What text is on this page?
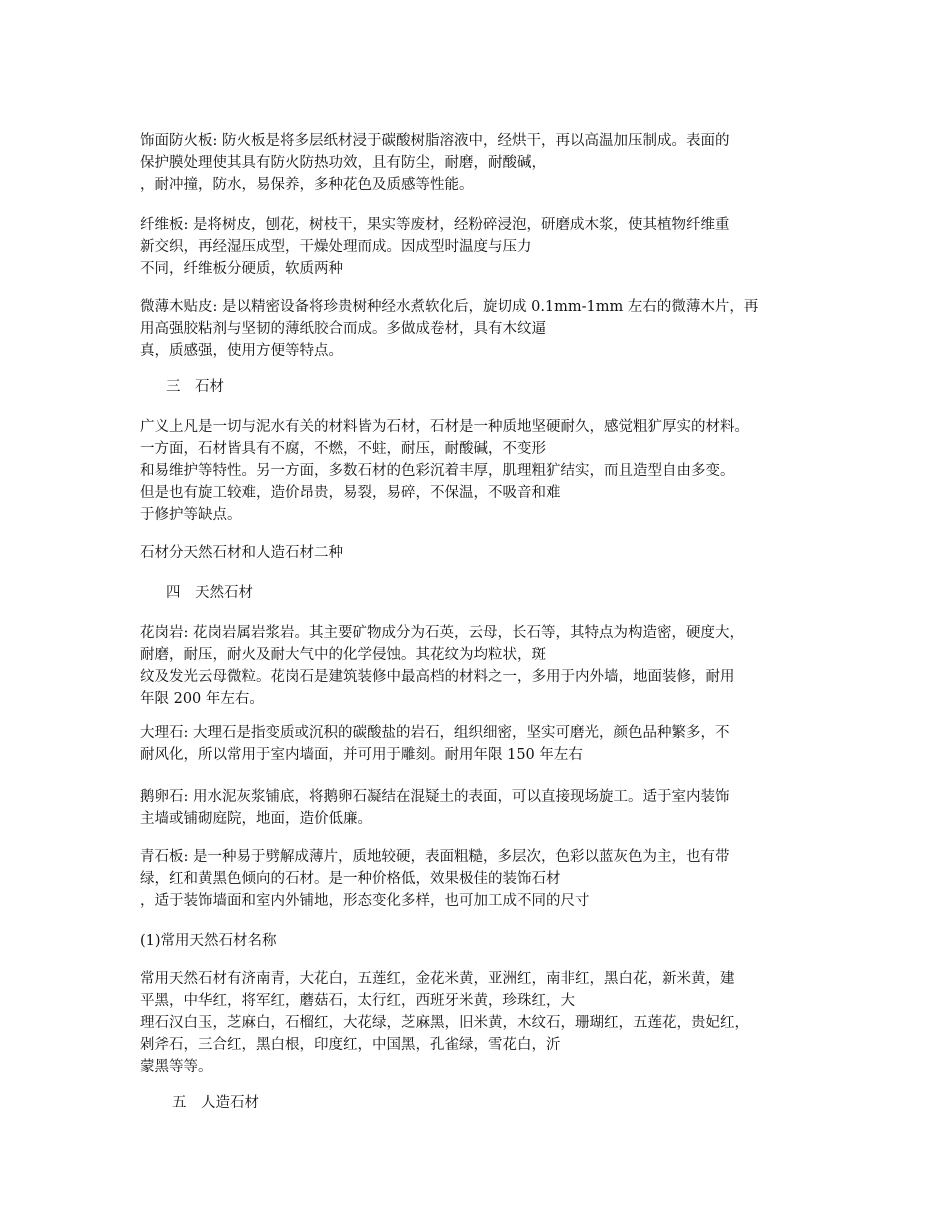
饰面防火板: 防火板是将多层纸材浸于碳酸树脂溶液中，经烘干，再以高温加压制成。表面的
保护膜处理使其具有防火防热功效，且有防尘，耐磨，耐酸碱，
，耐冲撞，防水，易保养，多种花色及质感等性能。
纤维板: 是将树皮，刨花，树枝干，果实等废材，经粉碎浸泡，研磨成木浆，使其植物纤维重
新交织，再经湿压成型，干燥处理而成。因成型时温度与压力
不同，纤维板分硬质，软质两种
微薄木贴皮: 是以精密设备将珍贵树种经水煮软化后，旋切成 0.1mm-1mm 左右的微薄木片，再
用高强胶粘剂与坚韧的薄纸胶合而成。多做成卷材，具有木纹逼
真，质感强，使用方便等特点。
三　石材
广义上凡是一切与泥水有关的材料皆为石材，石材是一种质地坚硬耐久，感觉粗犷厚实的材料。
一方面，石材皆具有不腐，不燃，不蛀，耐压，耐酸碱，不变形
和易维护等特性。另一方面，多数石材的色彩沉着丰厚，肌理粗犷结实，而且造型自由多变。
但是也有旋工较难，造价昂贵，易裂，易碎，不保温，不吸音和难
于修护等缺点。
石材分天然石材和人造石材二种
四　天然石材
花岗岩: 花岗岩属岩浆岩。其主要矿物成分为石英，云母，长石等，其特点为构造密，硬度大，
耐磨，耐压，耐火及耐大气中的化学侵蚀。其花纹为均粒状，斑
纹及发光云母微粒。花岗石是建筑装修中最高档的材料之一，多用于内外墙，地面装修，耐用
年限 200 年左右。
大理石: 大理石是指变质或沉积的碳酸盐的岩石，组织细密，坚实可磨光，颜色品种繁多，不
耐风化，所以常用于室内墙面，并可用于雕刻。耐用年限 150 年左右
鹅卵石: 用水泥灰浆铺底，将鹅卵石凝结在混疑土的表面，可以直接现场旋工。适于室内装饰
主墙或铺砌庭院，地面，造价低廉。
青石板: 是一种易于劈解成薄片，质地较硬，表面粗糙，多层次，色彩以蓝灰色为主，也有带
绿，红和黄黑色倾向的石材。是一种价格低，效果极佳的装饰石材
，适于装饰墙面和室内外铺地，形态变化多样，也可加工成不同的尺寸
(1)常用天然石材名称
常用天然石材有济南青，大花白，五莲红，金花米黄，亚洲红，南非红，黑白花，新米黄，建
平黑，中华红，将军红，蘑菇石，太行红，西班牙米黄，珍珠红，大
理石汉白玉，芝麻白，石榴红，大花绿，芝麻黑，旧米黄，木纹石，珊瑚红，五莲花，贵妃红，
剁斧石，三合红，黑白根，印度红，中国黑，孔雀绿，雪花白，沂
蒙黑等等。
五　人造石材
